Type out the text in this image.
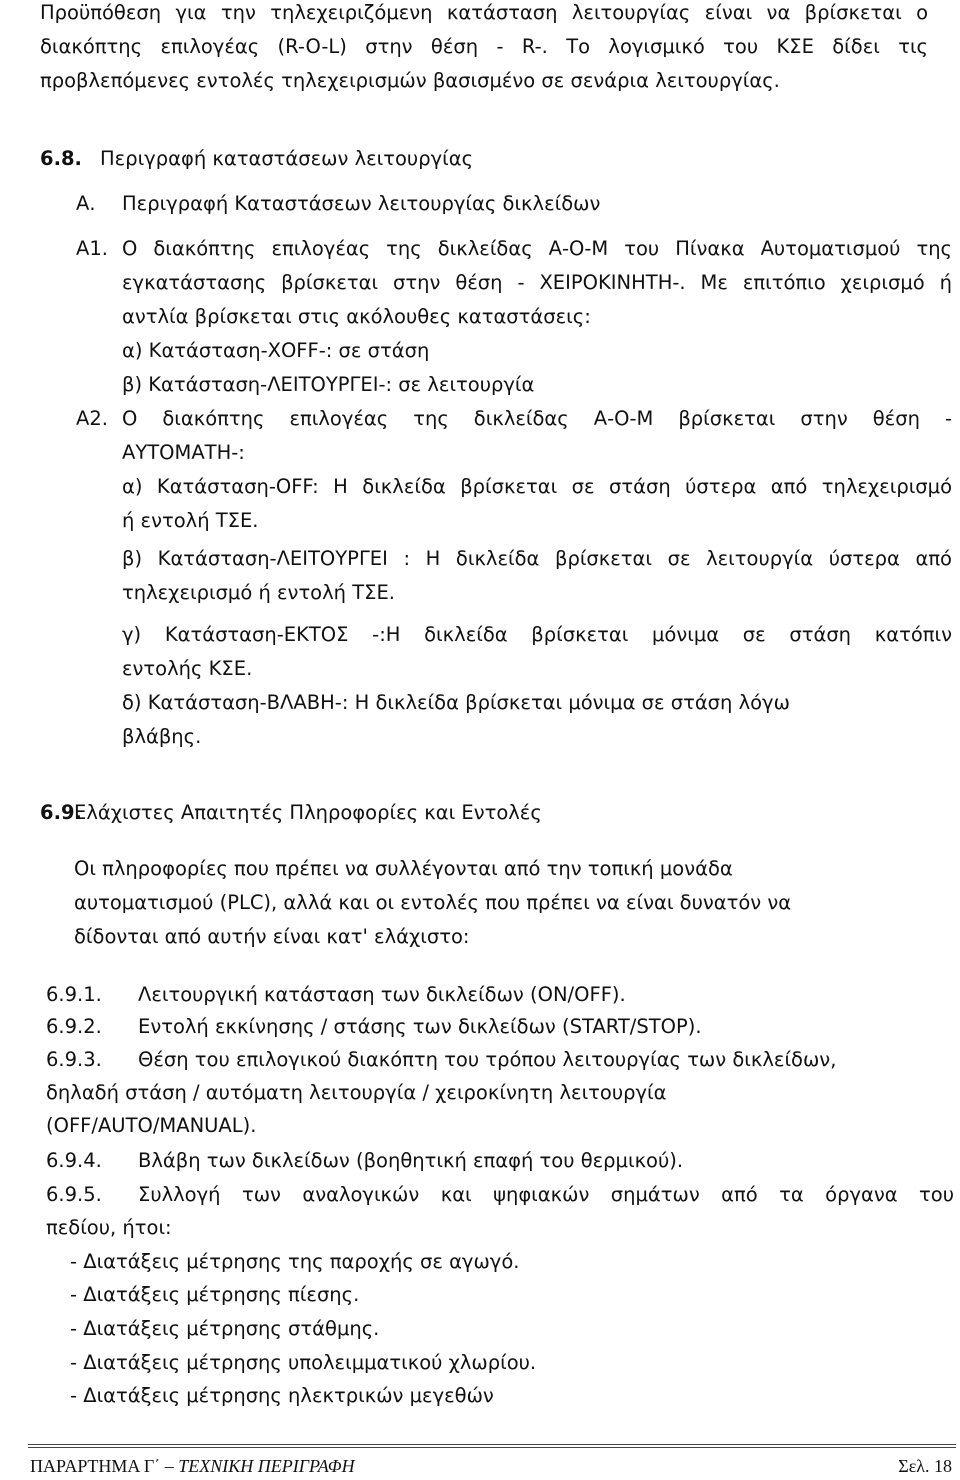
Προϋπόθεση για την τηλεχειριζόμενη κατάσταση λειτουργίας είναι να βρίσκεται ο
διακόπτης επιλογέας (R-O-L) στην θέση - R-. Το λογισμικό του ΚΣΕ δίδει τις
προβλεπόμενες εντολές τηλεχειρισμών βασισμένο σε σενάρια λειτουργίας.
6.8. Περιγραφή καταστάσεων λειτουργίας
Α. Περιγραφή Καταστάσεων λειτουργίας δικλείδων
Α1. Ο διακόπτης επιλογέας της δικλείδας Α-Ο-Μ του Πίνακα Αυτοματισμού της
εγκατάστασης βρίσκεται στην θέση - ΧΕΙΡΟΚΙΝΗΤΗ-. Με επιτόπιο χειρισμό ή
αντλία βρίσκεται στις ακόλουθες καταστάσεις:
α) Κατάσταση-ΧOFF-: σε στάση
β) Κατάσταση-ΛΕΙΤΟΥΡΓΕΙ-: σε λειτουργία
Α2. Ο διακόπτης επιλογέας της δικλείδας Α-Ο-Μ βρίσκεται στην θέση -
ΑΥΤΟΜΑΤΗ-:
α) Κατάσταση-OFF: Η δικλείδα βρίσκεται σε στάση ύστερα από τηλεχειρισμό
ή εντολή ΤΣΕ.
β) Κατάσταση-ΛΕΙΤΟΥΡΓΕΙ : Η δικλείδα βρίσκεται σε λειτουργία ύστερα από
τηλεχειρισμό ή εντολή ΤΣΕ.
γ) Κατάσταση-ΕΚΤΟΣ -:Η δικλείδα βρίσκεται μόνιμα σε στάση κατόπιν
εντολής ΚΣΕ.
δ) Κατάσταση-ΒΛΑΒΗ-: Η δικλείδα βρίσκεται μόνιμα σε στάση λόγω
βλάβης.
6.9.
Ελάχιστες Απαιτητές Πληροφορίες και Εντολές
Οι πληροφορίες που πρέπει να συλλέγονται από την τοπική μονάδα
αυτοματισμού (PLC), αλλά και οι εντολές που πρέπει να είναι δυνατόν να
δίδονται από αυτήν είναι κατ' ελάχιστο:
6.9.1. Λειτουργική κατάσταση των δικλείδων (ON/OFF).
6.9.2. Εντολή εκκίνησης / στάσης των δικλείδων (START/STOP).
6.9.3. Θέση του επιλογικού διακόπτη του τρόπου λειτουργίας των δικλείδων,
δηλαδή στάση / αυτόματη λειτουργία / χειροκίνητη λειτουργία
(OFF/AUTO/MANUAL).
6.9.4. Βλάβη των δικλείδων (βοηθητική επαφή του θερμικού).
6.9.5. Συλλογή των αναλογικών και ψηφιακών σημάτων από τα όργανα του
πεδίου, ήτοι:
- Διατάξεις μέτρησης της παροχής σε αγωγό.
- Διατάξεις μέτρησης πίεσης.
- Διατάξεις μέτρησης στάθμης.
- Διατάξεις μέτρησης υπολειμματικού χλωρίου.
- Διατάξεις μέτρησης ηλεκτρικών μεγεθών
ΠΑΡΑΡΤΗΜΑ Γ΄ – ΤΕΧΝΙΚΗ ΠΕΡΙΓΡΑΦΗ	Σελ. 18
